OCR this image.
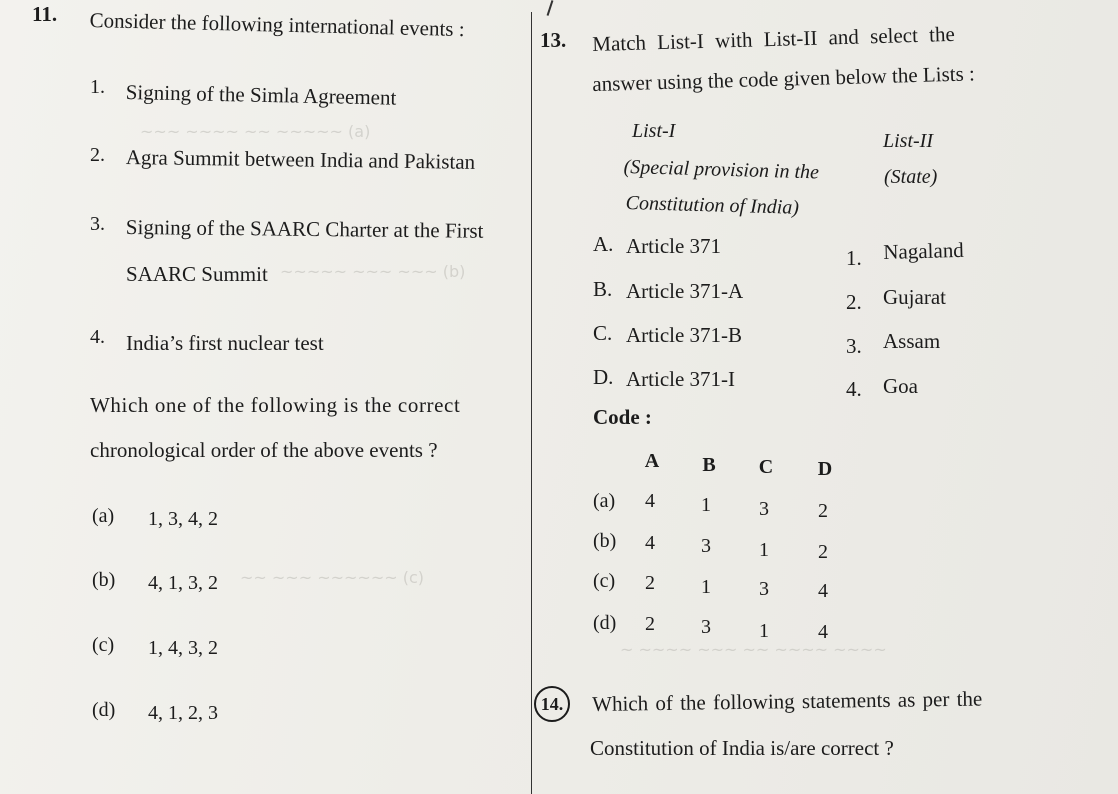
~~~ ~~~~ ~~ ~~~~~ (a)
~~~~~ ~~~ ~~~ (b)
~~ ~~~ ~~~~~~ (c)
~ ~~~~ ~~~ ~~ ~~~~ ~~~~
11. Consider the following international events :
1. Signing of the Simla Agreement
2. Agra Summit between India and Pakistan
3. Signing of the SAARC Charter at the First
SAARC Summit
4. India’s first nuclear test
Which one of the following is the correct
chronological order of the above events ?
(a) 1, 3, 4, 2
(b) 4, 1, 3, 2
(c) 1, 4, 3, 2
(d) 4, 1, 2, 3
13. Match List-I with List-II and select the
answer using the code given below the Lists :
List-I
(Special provision in the
Constitution of India)
List-II
(State)
A. Article 371
B. Article 371-A
C. Article 371-B
D. Article 371-I
1. Nagaland
2. Gujarat
3. Assam
4. Goa
Code :
A B C D
(a) 4 1 3 2
(b) 4 3 1 2
(c) 2 1 3 4
(d) 2 3 1 4
14.	Which of the following statements as per the
Constitution of India is/are correct ?
